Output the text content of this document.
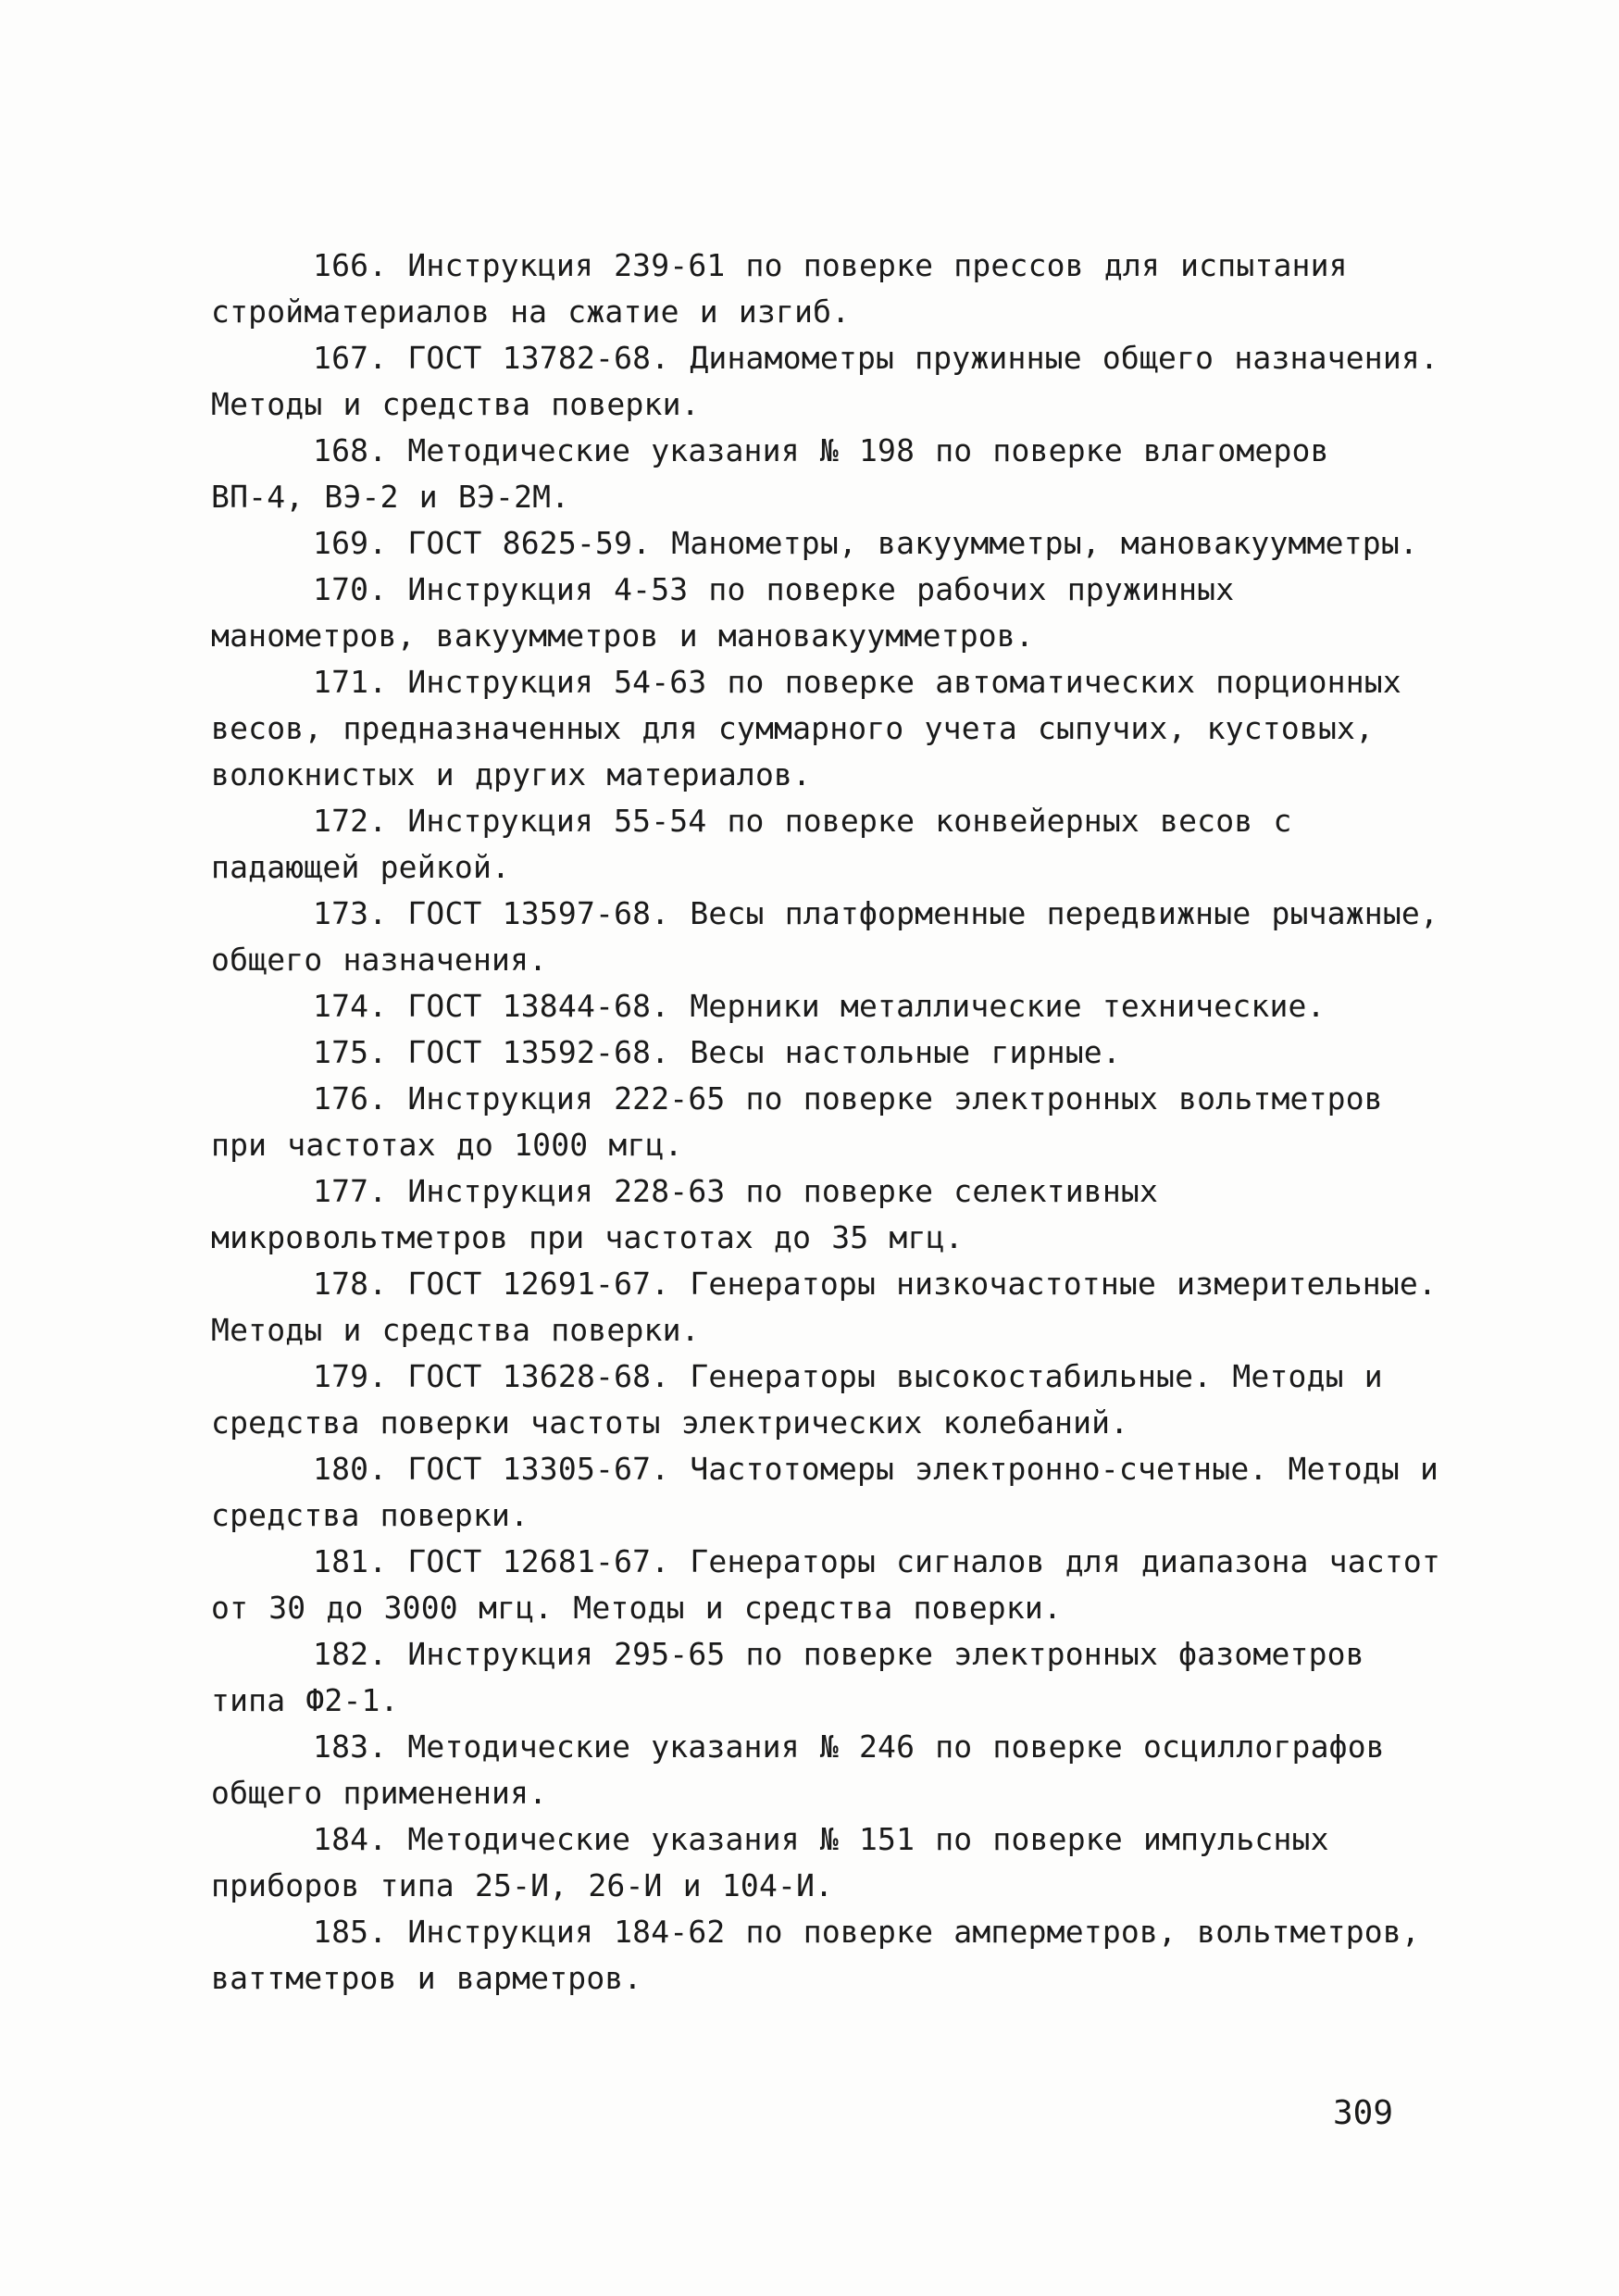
166. Инструкция 239-61 по поверке прессов для испытания стройматериалов на сжатие и изгиб.

167. ГОСТ 13782-68. Динамометры пружинные общего назначения. Методы и средства поверки.

168. Методические указания № 198 по поверке влагомеров ВП-4, ВЭ-2 и ВЭ-2М.

169. ГОСТ 8625-59. Манометры, вакуумметры, мановакуумметры.

170. Инструкция 4-53 по поверке рабочих пружинных манометров, вакуумметров и мановакуумметров.

171. Инструкция 54-63 по поверке автоматических порционных весов, предназначенных для суммарного учета сыпучих, кустовых, волокнистых и других материалов.

172. Инструкция 55-54 по поверке конвейерных весов с падающей рейкой.

173. ГОСТ 13597-68. Весы платформенные передвижные рычажные, общего назначения.

174. ГОСТ 13844-68. Мерники металлические технические.

175. ГОСТ 13592-68. Весы настольные гирные.

176. Инструкция 222-65 по поверке электронных вольтметров при частотах до 1000 мгц.

177. Инструкция 228-63 по поверке селективных микровольтметров при частотах до 35 мгц.

178. ГОСТ 12691-67. Генераторы низкочастотные измерительные. Методы и средства поверки.

179. ГОСТ 13628-68. Генераторы высокостабильные. Методы и средства поверки частоты электрических колебаний.

180. ГОСТ 13305-67. Частотомеры электронно-счетные. Методы и средства поверки.

181. ГОСТ 12681-67. Генераторы сигналов для диапазона частот от 30 до 3000 мгц. Методы и средства поверки.

182. Инструкция 295-65 по поверке электронных фазометров типа Ф2-1.

183. Методические указания № 246 по поверке осциллографов общего применения.

184. Методические указания № 151 по поверке импульсных приборов типа 25-И, 26-И и 104-И.

185. Инструкция 184-62 по поверке амперметров, вольтметров, ваттметров и варметров.

309
